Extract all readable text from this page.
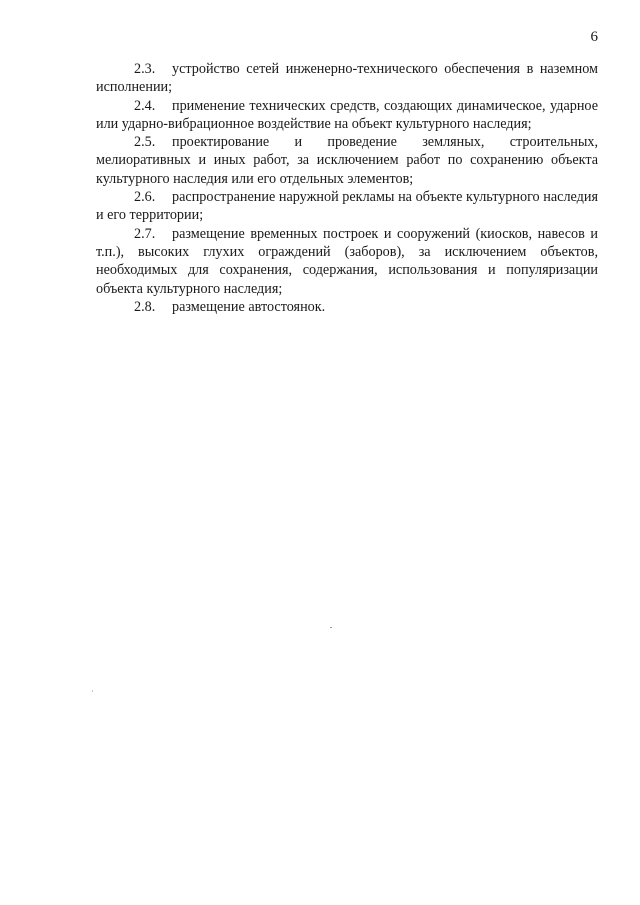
6

2.3. устройство сетей инженерно-технического обеспечения в наземном исполнении;

2.4. применение технических средств, создающих динамическое, ударное или ударно-вибрационное воздействие на объект культурного наследия;

2.5. проектирование и проведение земляных, строительных, мелиоративных и иных работ, за исключением работ по сохранению объекта культурного наследия или его отдельных элементов;

2.6. распространение наружной рекламы на объекте культурного наследия и его территории;

2.7. размещение временных построек и сооружений (киосков, навесов и т.п.), высоких глухих ограждений (заборов), за исключением объектов, необходимых для сохранения, содержания, использования и популяризации объекта культурного наследия;

2.8. размещение автостоянок.
